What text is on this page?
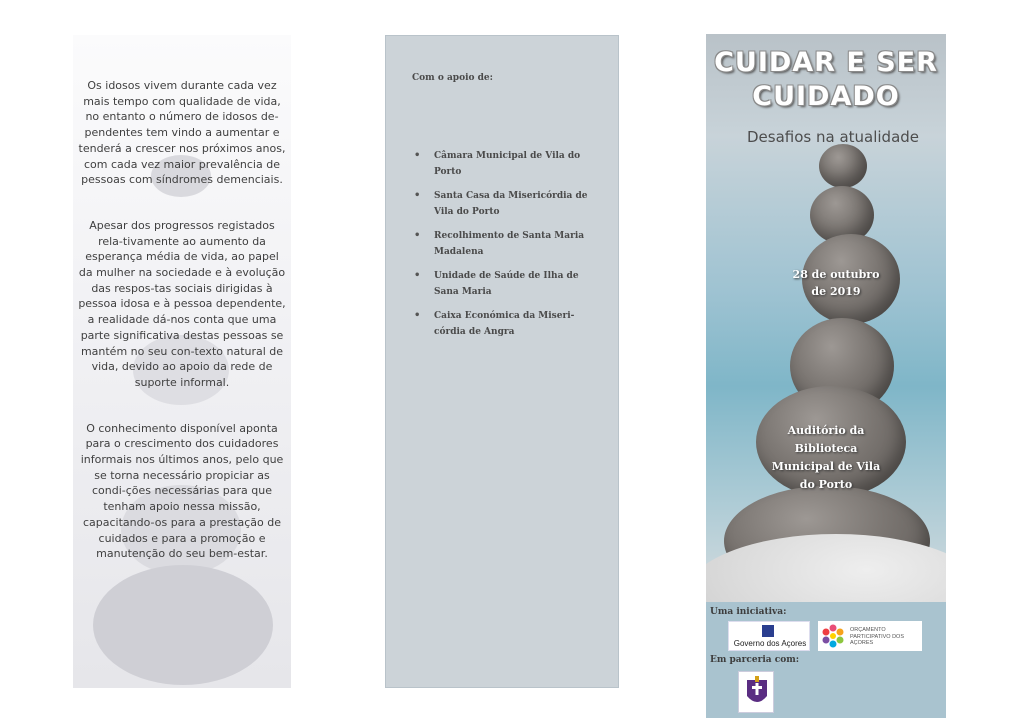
Os idosos vivem durante cada vez mais tempo com qualidade de vida, no entanto o número de idosos de-pendentes tem vindo a aumentar e tenderá a crescer nos próximos anos, com cada vez maior prevalência de pessoas com síndromes demenciais.

Apesar dos progressos registados rela-tivamente ao aumento da esperança média de vida, ao papel da mulher na sociedade e à evolução das respos-tas sociais dirigidas à pessoa idosa e à pessoa dependente, a realidade dá-nos conta que uma parte significativa destas pessoas se mantém no seu con-texto natural de vida, devido ao apoio da rede de suporte informal.

O conhecimento disponível aponta para o crescimento dos cuidadores informais nos últimos anos, pelo que se torna necessário propiciar as condi-ções necessárias para que tenham apoio nessa missão, capacitando-os para a prestação de cuidados e para a promoção e manutenção do seu bem-estar.

Com o apoio de:
• Câmara Municipal de Vila do Porto
• Santa Casa da Misericórdia de Vila do Porto
• Recolhimento de Santa Maria Madalena
• Unidade de Saúde de Ilha de Sana Maria
• Caixa Económica da Miseri-córdia de Angra
CUIDAR E SER
CUIDADO
Desafios na atualidade
28 de outubro
de 2019
Auditório da
Biblioteca
Municipal de Vila
do Porto
Uma iniciativa:
Governo dos Açores
ORÇAMENTO PARTICIPATIVO DOS AÇORES
Em parceria com:
